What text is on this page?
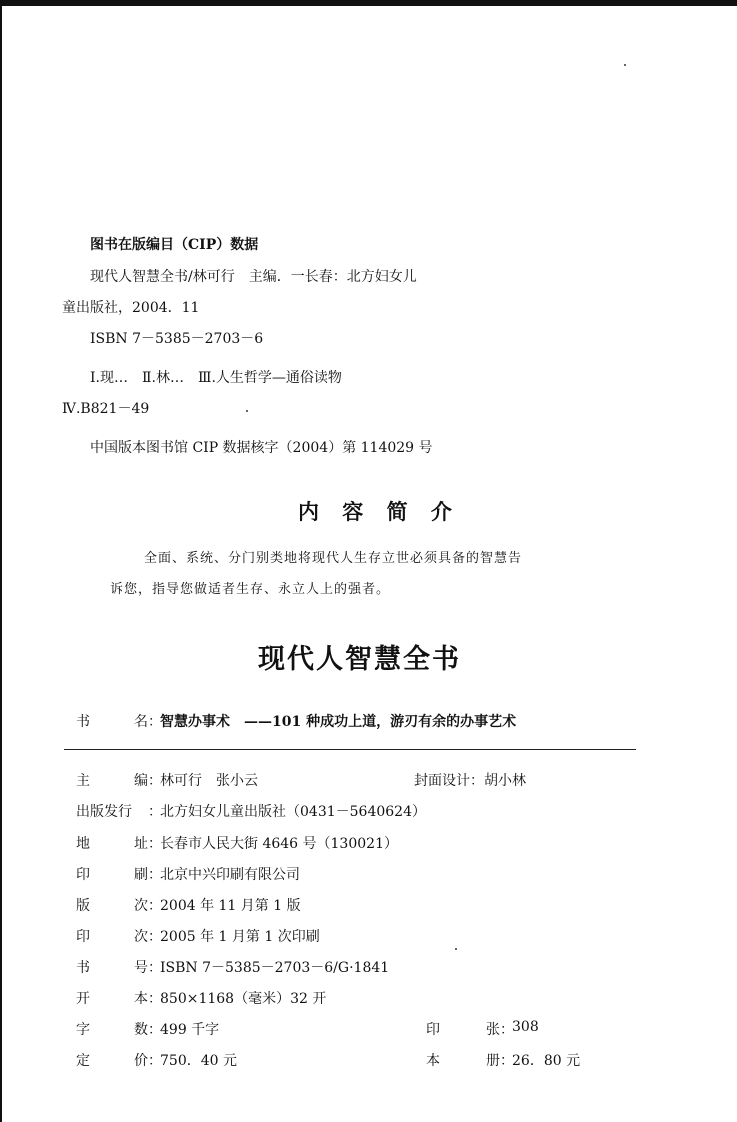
图书在版编目（CIP）数据
现代人智慧全书/林可行　主编．一长春：北方妇女儿
童出版社，2004．11
ISBN 7－5385－2703－6
Ⅰ.现…　Ⅱ.林…　Ⅲ.人生哲学—通俗读物
Ⅳ.B821－49
中国版本图书馆 CIP 数据核字（2004）第 114029 号
内 容 简 介
全面、系统、分门别类地将现代人生存立世必须具备的智慧告
诉您，指导您做适者生存、永立人上的强者。
现代人智慧全书
书	名 ：
智慧办事术　——101 种成功上道，游刃有余的办事艺术
主	编 ：
林可行　张小云	封面设计 ： 胡小林
出版发行 ：
北方妇女儿童出版社（0431－5640624）
地	址 ：
长春市人民大街 4646 号（130021）
印	刷 ：
北京中兴印刷有限公司
版	次 ：
2004 年 11 月第 1 版
印	次 ：
2005 年 1 月第 1 次印刷
书	号 ：
ISBN 7－5385－2703－6/G·1841
开	本 ：
850×1168（毫米）32 开
字	数 ：
499 千字	印	张 ：
308
定	价 ：
750．40 元	本	册 ：
26．80 元
